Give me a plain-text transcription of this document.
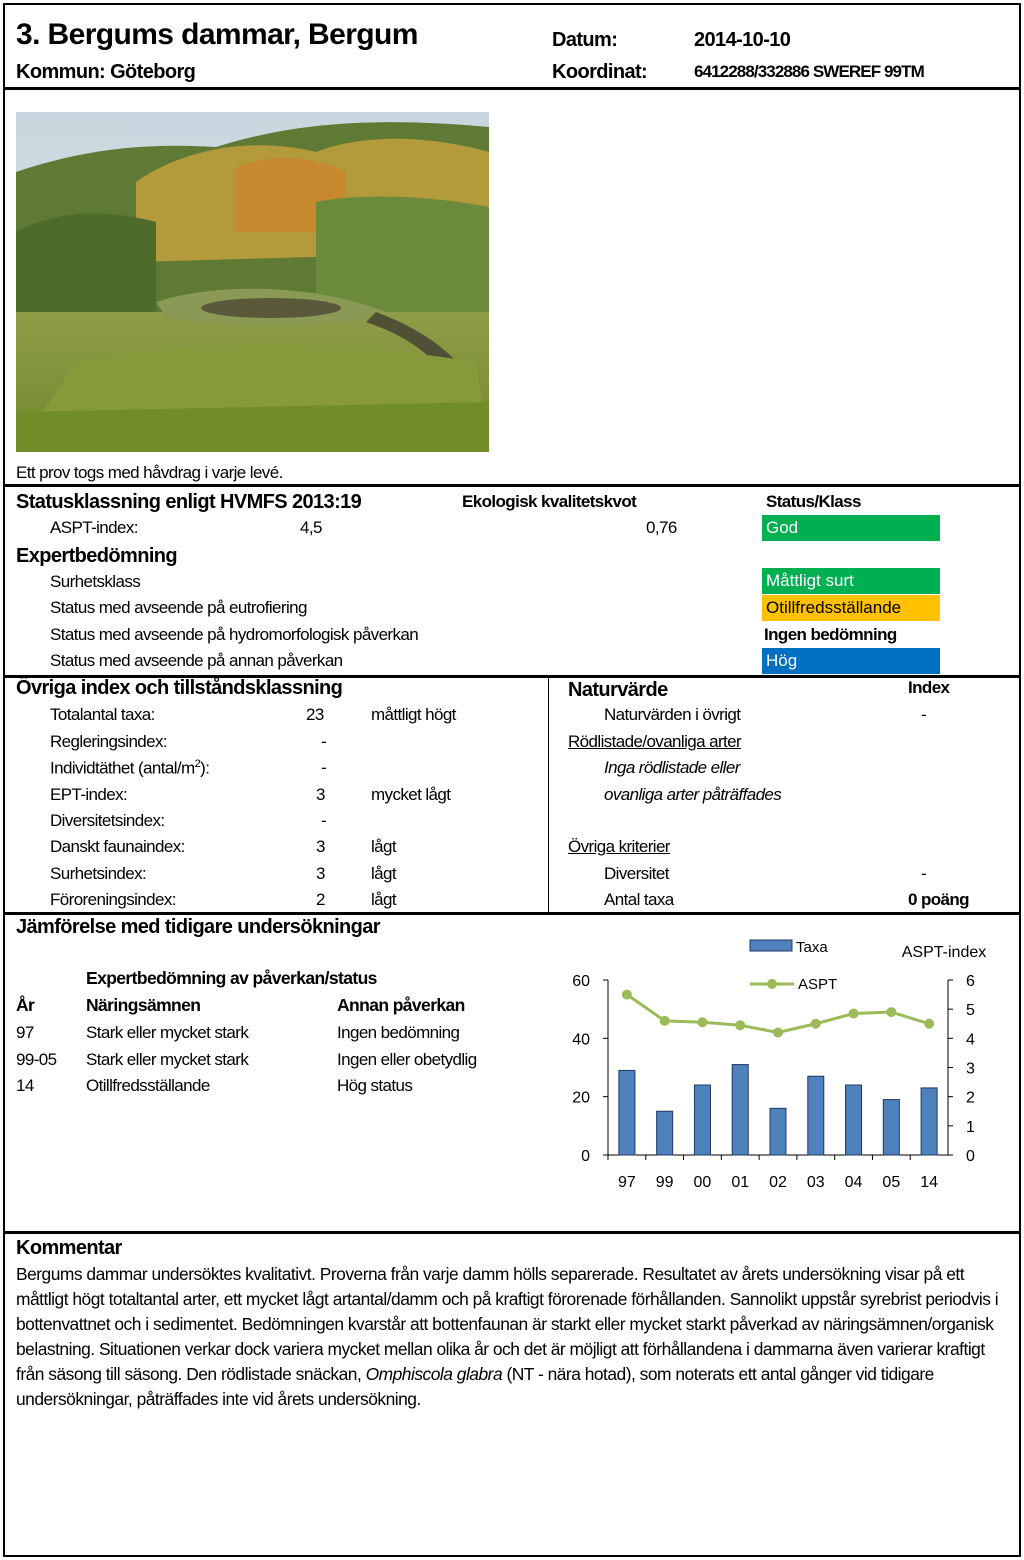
3. Bergums dammar, Bergum
Kommun: Göteborg
Datum:	2014-10-10
Koordinat:	6412288/332886 SWEREF 99TM
Ett prov togs med håvdrag i varje levé.
Statusklassning enligt HVMFS 2013:19	Ekologisk kvalitetskvot	Status/Klass
ASPT-index:	4,5	0,76	God
Expertbedömning
Surhetsklass	Måttligt surt
Status med avseende på eutrofiering	Otillfredsställande
Status med avseende på hydromorfologisk påverkan	Ingen bedömning
Status med avseende på annan påverkan	Hög
Övriga index och tillståndsklassning
Totalantal taxa:	23	måttligt högt
Regleringsindex:	-
Individtäthet $(antal/m^2)$:	-
EPT-index:	3	mycket lågt
Diversitetsindex:	-
Danskt faunaindex:	3	lågt
Surhetsindex:	3	lågt
Föroreningsindex:	2	lågt
Naturvärde	Index
Naturvärden i övrigt	-
Rödlistade/ovanliga arter
Inga rödlistade eller
ovanliga arter påträffades
Övriga kriterier
Diversitet	-
Antal taxa	0 poäng
Jämförelse med tidigare undersökningar
Expertbedömning av påverkan/status
År	Näringsämnen	Annan påverkan
97	Stark eller mycket stark	Ingen bedömning
99-05 Stark eller mycket stark	Ingen eller obetydlig
14	Otillfredsställande	Hög status
0
20
40
60
0
1
2
3
4
5
6
ASPT-index
97 99 00 01 02 03 04 05 14
Taxa
ASPT
Kommentar
Bergums dammar undersöktes kvalitativt. Proverna från varje damm hölls separerade. Resultatet av årets undersökning visar på ett måttligt högt totaltantal arter, ett mycket lågt artantal/damm och på kraftigt förorenade förhållanden. Sannolikt uppstår syrebrist periodvis i bottenvattnet och i sedimentet. Bedömningen kvarstår att bottenfaunan är starkt eller mycket starkt påverkad av näringsämnen/organisk belastning. Situationen verkar dock variera mycket mellan olika år och det är möjligt att förhållandena i dammarna även varierar kraftigt från säsong till säsong. Den rödlistade snäckan, Omphiscola glabra (NT - nära hotad), som noterats ett antal gånger vid tidigare undersökningar, påträffades inte vid årets undersökning.
